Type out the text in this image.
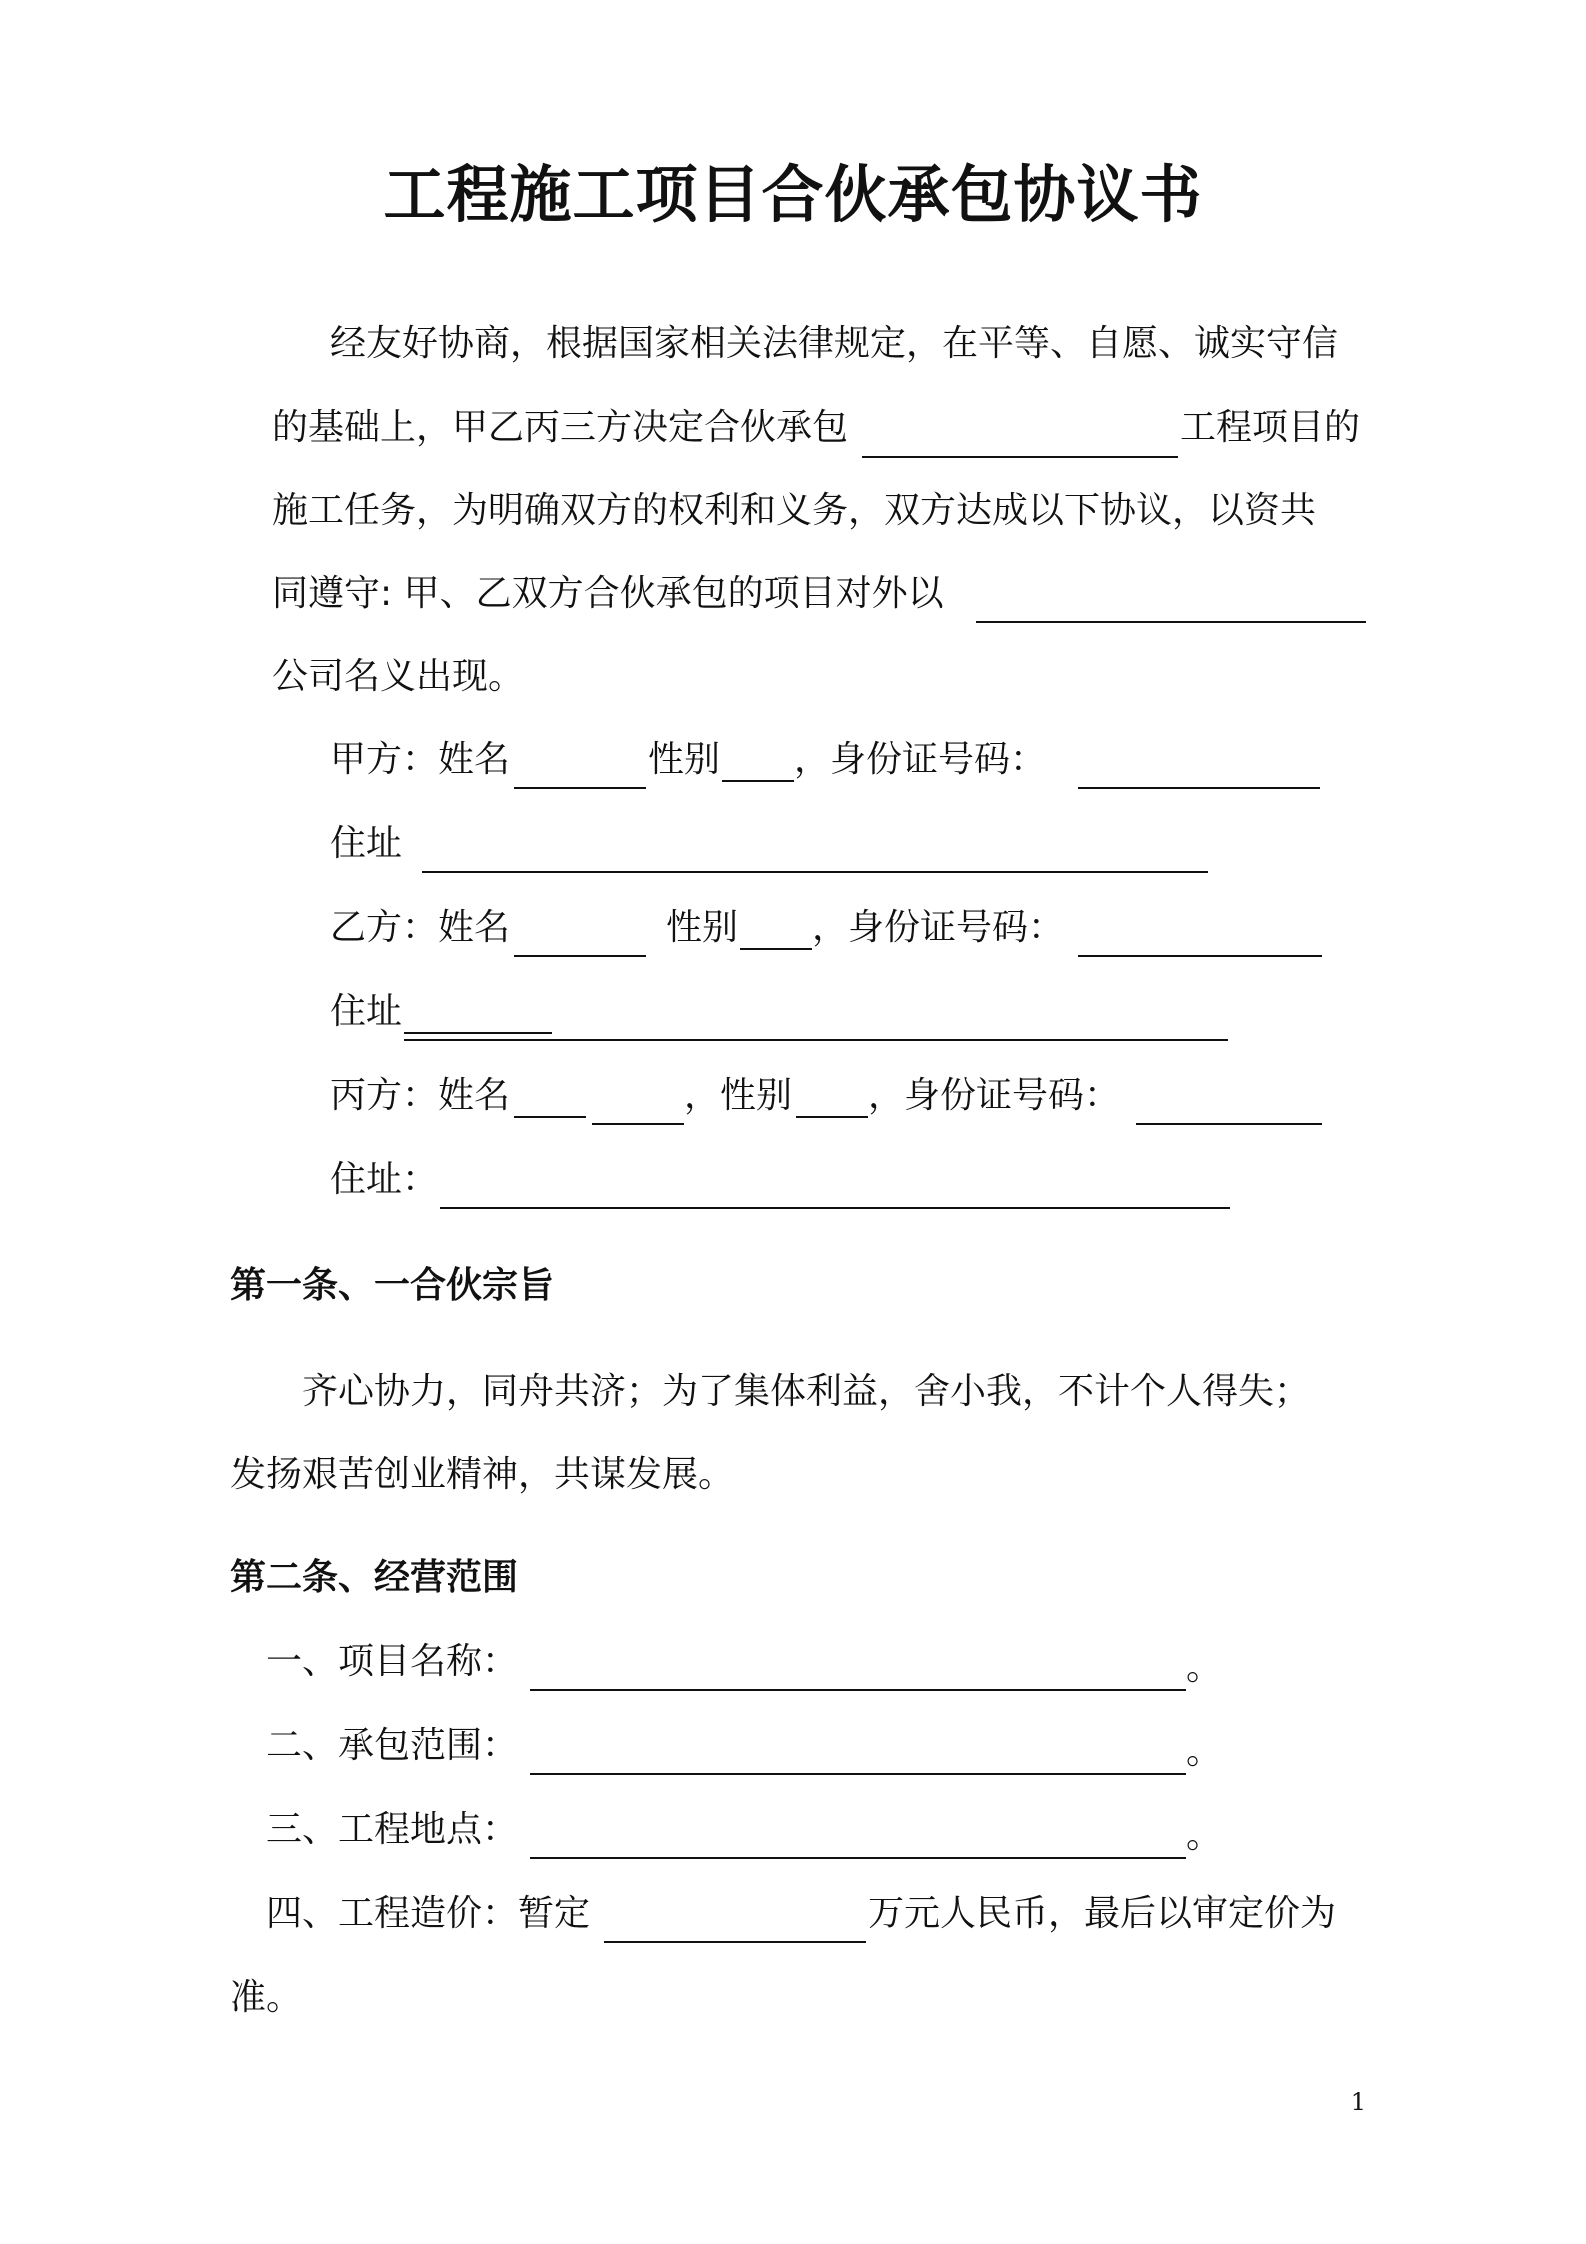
工程施工项目合伙承包协议书
经友好协商，根据国家相关法律规定，在平等、自愿、诚实守信
的基础上，甲乙丙三方决定合伙承包	工程项目的
施工任务，为明确双方的权利和义务，双方达成以下协议，以资共
同遵守: 甲、乙双方合伙承包的项目对外以
公司名义出现。
甲方：姓名	性别 ，身份证号码：
住址
乙方：姓名	性别 ，身份证号码：
住址
丙方：姓名	，性别 ，身份证号码：
住址：
第一条、一合伙宗旨
齐心协力，同舟共济；为了集体利益，舍小我，不计个人得失；
发扬艰苦创业精神，共谋发展。
第二条、经营范围
一、项目名称：	。
二、承包范围：	。
三、工程地点：	。
四、工程造价：暂定	万元人民币，最后以审定价为
准。
1
